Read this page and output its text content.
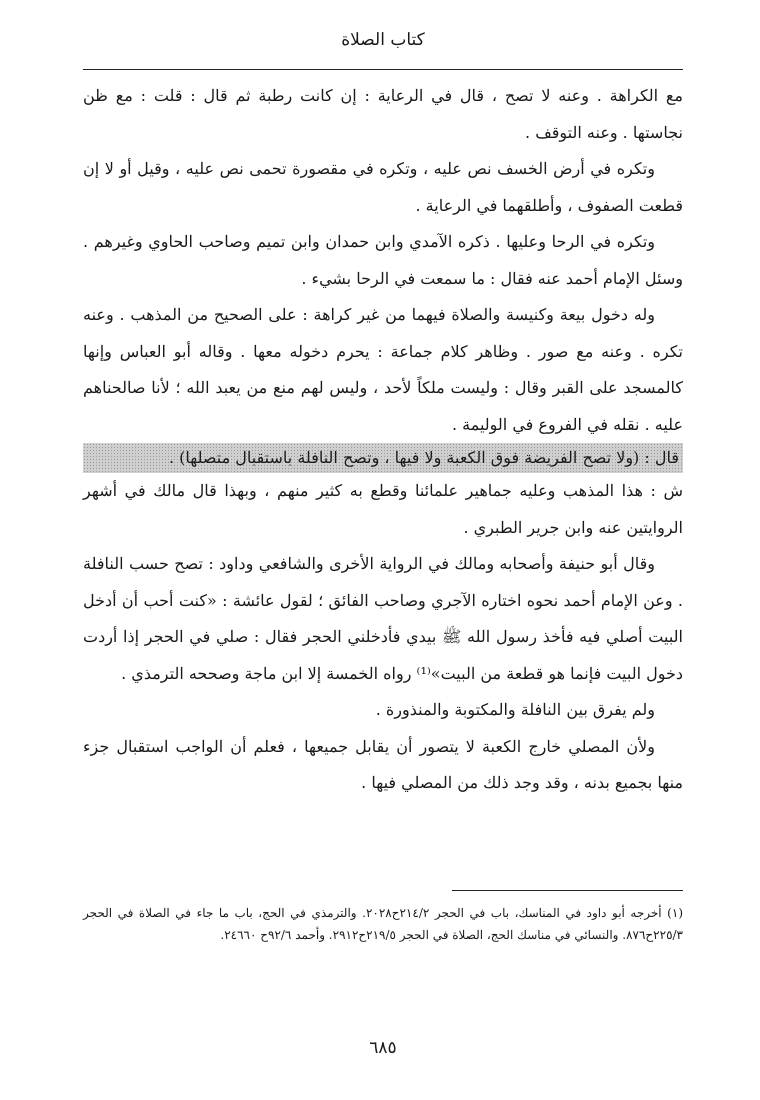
كتاب الصلاة

مع الكراهة . وعنه لا تصح ، قال في الرعاية : إن كانت رطبة ثم قال : قلت : مع ظن نجاستها . وعنه التوقف .

وتكره في أرض الخسف نص عليه ، وتكره في مقصورة تحمى نص عليه ، وقيل أو لا إن قطعت الصفوف ، وأطلقهما في الرعاية .

وتكره في الرحا وعليها . ذكره الآمدي وابن حمدان وابن تميم وصاحب الحاوي وغيرهم . وسئل الإمام أحمد عنه فقال : ما سمعت في الرحا بشيء .

وله دخول بيعة وكنيسة والصلاة فيهما من غير كراهة : على الصحيح من المذهب . وعنه تكره . وعنه مع صور . وظاهر كلام جماعة : يحرم دخوله معها . وقاله أبو العباس وإنها كالمسجد على القبر وقال : وليست ملكاً لأحد ، وليس لهم منع من يعبد الله ؛ لأنا صالحناهم عليه . نقله في الفروع في الوليمة .

قال : (ولا تصح الفريضة فوق الكعبة ولا فيها ، وتصح النافلة باستقبال متصلها) .

ش : هذا المذهب وعليه جماهير علمائنا وقطع به كثير منهم ، وبهذا قال مالك في أشهر الروايتين عنه وابن جرير الطبري .

وقال أبو حنيفة وأصحابه ومالك في الرواية الأخرى والشافعي وداود : تصح حسب النافلة . وعن الإمام أحمد نحوه اختاره الآجري وصاحب الفائق ؛ لقول عائشة : «كنت أحب أن أدخل البيت أصلي فيه فأخذ رسول الله ﷺ بيدي فأدخلني الحجر فقال : صلي في الحجر إذا أردت دخول البيت فإنما هو قطعة من البيت»⁽¹⁾ رواه الخمسة إلا ابن ماجة وصححه الترمذي .

ولم يفرق بين النافلة والمكتوبة والمنذورة .

ولأن المصلي خارج الكعبة لا يتصور أن يقابل جميعها ، فعلم أن الواجب استقبال جزء منها بجميع بدنه ، وقد وجد ذلك من المصلي فيها .

(١) أخرجه أبو داود في المناسك، باب في الحجر ٢١٤/٢ح٢٠٢٨. والترمذي في الحج، باب ما جاء في الصلاة في الحجر ٢٢٥/٣ح٨٧٦. والنسائي في مناسك الحج، الصلاة في الحجر ٢١٩/٥ح٢٩١٢. وأحمد ٩٢/٦ح ٢٤٦٦٠.

٦٨٥
